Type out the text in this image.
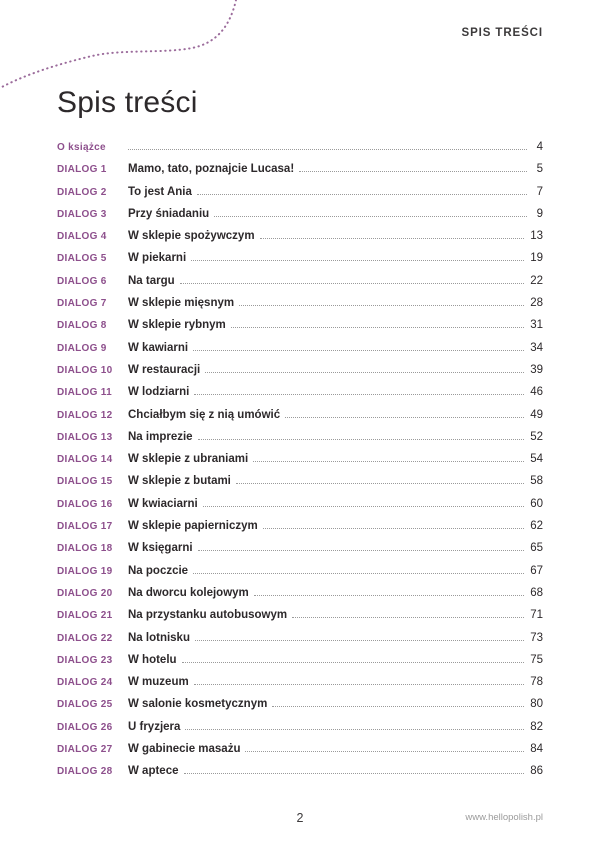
SPIS TREŚCI
Spis treści
O książce	4
DIALOG 1	Mamo, tato, poznajcie Lucasa!	5
DIALOG 2	To jest Ania	7
DIALOG 3	Przy śniadaniu	9
DIALOG 4	W sklepie spożywczym	13
DIALOG 5	W piekarni	19
DIALOG 6	Na targu	22
DIALOG 7	W sklepie mięsnym	28
DIALOG 8	W sklepie rybnym	31
DIALOG 9	W kawiarni	34
DIALOG 10	W restauracji	39
DIALOG 11	W lodziarni	46
DIALOG 12	Chciałbym się z nią umówić	49
DIALOG 13	Na imprezie	52
DIALOG 14	W sklepie z ubraniami	54
DIALOG 15	W sklepie z butami	58
DIALOG 16	W kwiaciarni	60
DIALOG 17	W sklepie papierniczym	62
DIALOG 18	W księgarni	65
DIALOG 19	Na poczcie	67
DIALOG 20	Na dworcu kolejowym	68
DIALOG 21	Na przystanku autobusowym	71
DIALOG 22	Na lotnisku	73
DIALOG 23	W hotelu	75
DIALOG 24	W muzeum	78
DIALOG 25	W salonie kosmetycznym	80
DIALOG 26	U fryzjera	82
DIALOG 27	W gabinecie masażu	84
DIALOG 28	W aptece	86
2	www.hellopolish.pl
